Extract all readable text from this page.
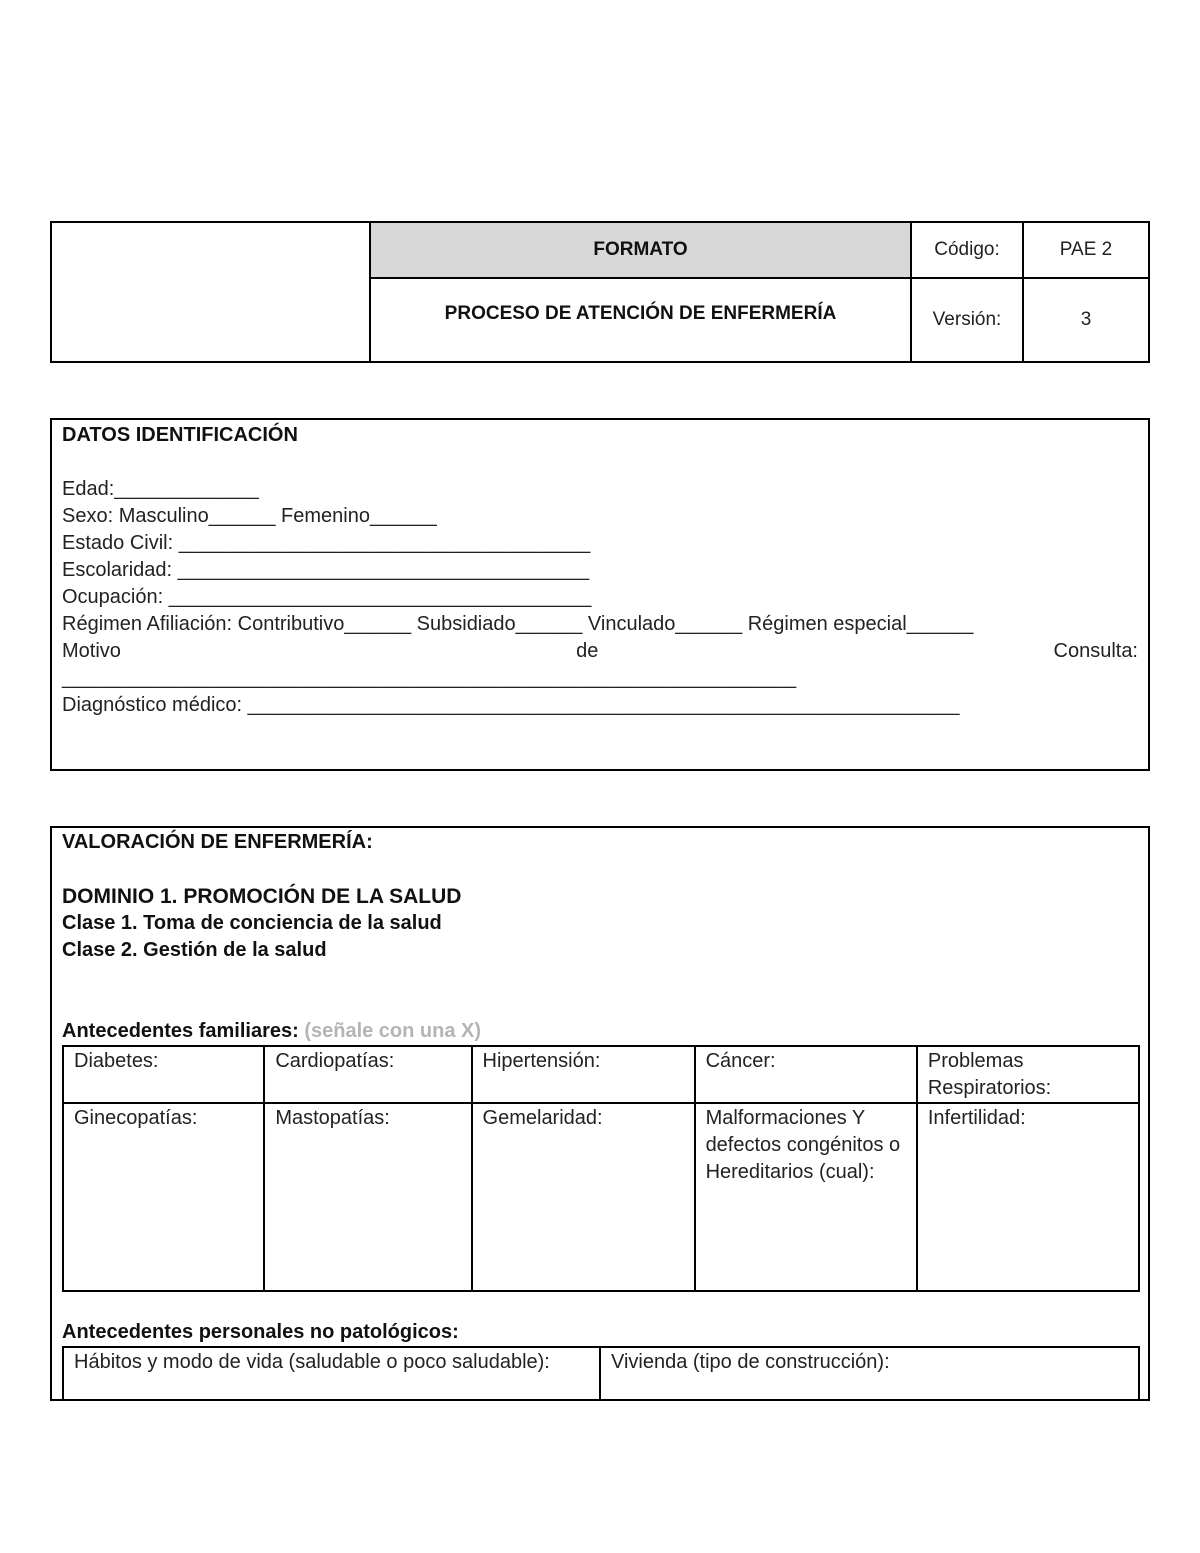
FORMATO
PROCESO DE ATENCIÓN DE ENFERMERÍA
Código:	PAE 2
Versión:	3
DATOS IDENTIFICACIÓN
Edad:_____________
Sexo: Masculino______ Femenino______
Estado Civil: _____________________________________
Escolaridad: _____________________________________
Ocupación: ______________________________________
Régimen Afiliación: Contributivo______ Subsidiado______ Vinculado______ Régimen especial______
Motivo	de	Consulta:
__________________________________________________________________
Diagnóstico médico: ________________________________________________________________
VALORACIÓN DE ENFERMERÍA:
DOMINIO 1. PROMOCIÓN DE LA SALUD
Clase 1. Toma de conciencia de la salud
Clase 2. Gestión de la salud
Antecedentes familiares: (señale con una X)
Diabetes:	Cardiopatías:	Hipertensión:	Cáncer:	Problemas Respiratorios:
Ginecopatías:	Mastopatías:	Gemelaridad:	Malformaciones Y defectos congénitos o Hereditarios (cual):	Infertilidad:
Antecedentes personales no patológicos:
Hábitos y modo de vida (saludable o poco saludable):	Vivienda (tipo de construcción):
